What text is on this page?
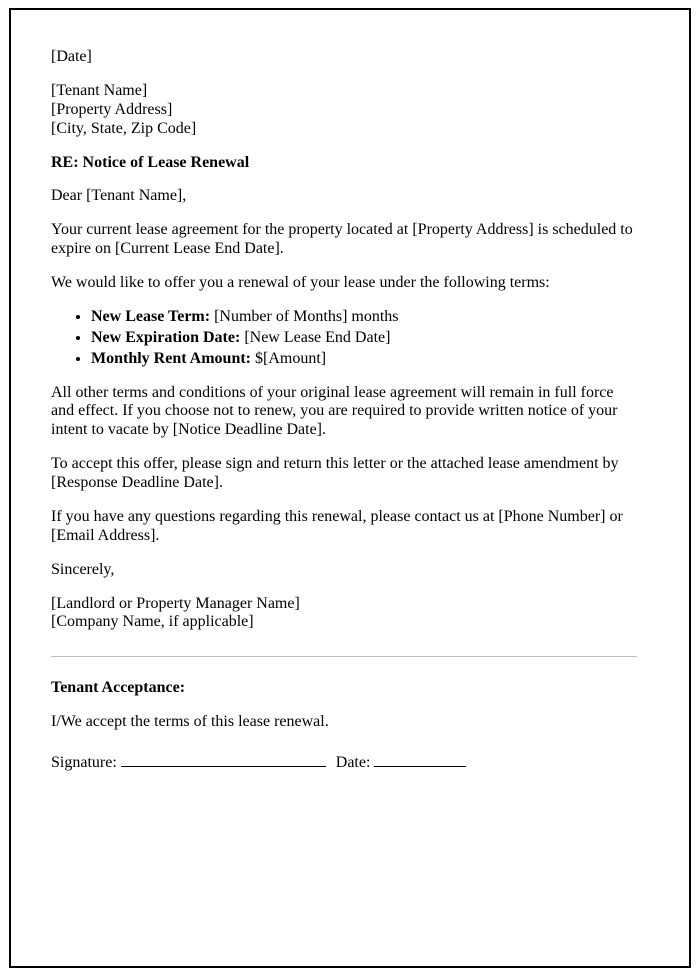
[Date]

[Tenant Name]
[Property Address]
[City, State, Zip Code]

RE: Notice of Lease Renewal

Dear [Tenant Name],

Your current lease agreement for the property located at [Property Address] is scheduled to expire on [Current Lease End Date].

We would like to offer you a renewal of your lease under the following terms:

• New Lease Term: [Number of Months] months
• New Expiration Date: [New Lease End Date]
• Monthly Rent Amount: $[Amount]

All other terms and conditions of your original lease agreement will remain in full force and effect. If you choose not to renew, you are required to provide written notice of your intent to vacate by [Notice Deadline Date].

To accept this offer, please sign and return this letter or the attached lease amendment by [Response Deadline Date].

If you have any questions regarding this renewal, please contact us at [Phone Number] or [Email Address].

Sincerely,

[Landlord or Property Manager Name]
[Company Name, if applicable]

Tenant Acceptance:

I/We accept the terms of this lease renewal.

Signature:	Date:
